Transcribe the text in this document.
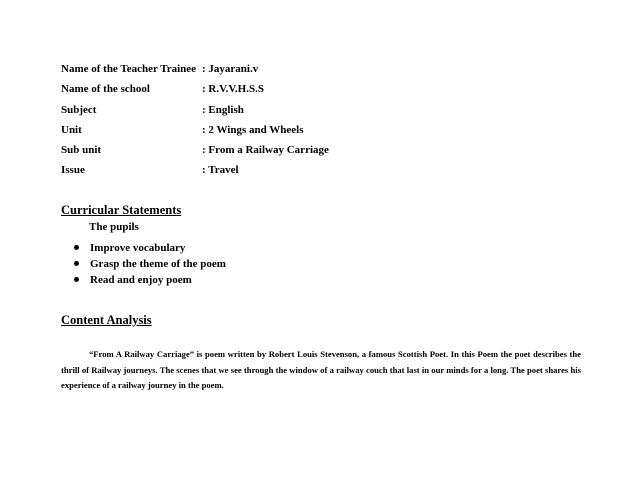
Name of the Teacher Trainee	: Jayarani.v
Name of the school	: R.V.V.H.S.S
Subject	: English
Unit	: 2 Wings and Wheels
Sub unit	: From a Railway Carriage
Issue	: Travel
Curricular Statements
The pupils
Improve vocabulary
Grasp the theme of the poem
Read and enjoy poem
Content Analysis

“From A Railway Carriage” is poem written by Robert Louis Stevenson, a famous Scottish Poet. In this Poem the poet describes the thrill of Railway journeys. The scenes that we see through the window of a railway couch that last in our minds for a long. The poet shares his experience of a railway journey in the poem.
